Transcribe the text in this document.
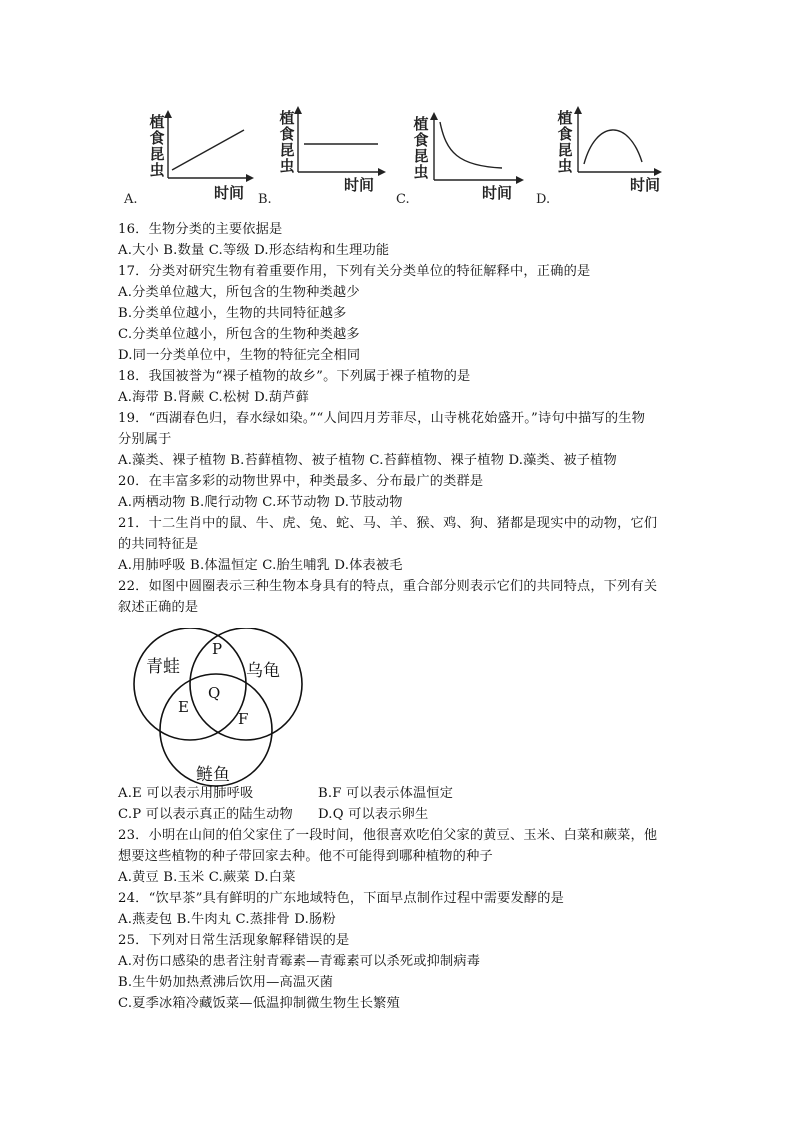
A.
植食昆虫
时间 B.
植食昆虫
时间
C.
植食昆虫
时间 D.
植食昆虫
时间
16．生物分类的主要依据是
A.大小 B.数量 C.等级 D.形态结构和生理功能
17．分类对研究生物有着重要作用，下列有关分类单位的特征解释中，正确的是
A.分类单位越大，所包含的生物种类越少
B.分类单位越小，生物的共同特征越多
C.分类单位越小，所包含的生物种类越多
D.同一分类单位中，生物的特征完全相同
18．我国被誉为“裸子植物的故乡”。下列属于裸子植物的是
A.海带 B.肾蕨 C.松树 D.葫芦藓
19．“西湖春色归，春水绿如染。”“人间四月芳菲尽，山寺桃花始盛开。”诗句中描写的生物
分别属于
A.藻类、裸子植物 B.苔藓植物、被子植物 C.苔藓植物、裸子植物 D.藻类、被子植物
20．在丰富多彩的动物世界中，种类最多、分布最广的类群是
A.两栖动物 B.爬行动物 C.环节动物 D.节肢动物
21．十二生肖中的鼠、牛、虎、兔、蛇、马、羊、猴、鸡、狗、猪都是现实中的动物，它们
的共同特征是
A.用肺呼吸 B.体温恒定 C.胎生哺乳 D.体表被毛
22．如图中圆圈表示三种生物本身具有的特点，重合部分则表示它们的共同特点，下列有关
叙述正确的是
青蛙	乌龟
鲢鱼
P
Q
E
F
A.E 可以表示用肺呼吸	B.F 可以表示体温恒定
C.P 可以表示真正的陆生动物 D.Q 可以表示卵生
23．小明在山间的伯父家住了一段时间，他很喜欢吃伯父家的黄豆、玉米、白菜和蕨菜，他
想要这些植物的种子带回家去种。他不可能得到哪种植物的种子
A.黄豆 B.玉米 C.蕨菜 D.白菜
24．“饮早茶”具有鲜明的广东地域特色，下面早点制作过程中需要发酵的是
A.燕麦包 B.牛肉丸 C.蒸排骨 D.肠粉
25．下列对日常生活现象解释错误的是
A.对伤口感染的患者注射青霉素—青霉素可以杀死或抑制病毒
B.生牛奶加热煮沸后饮用—高温灭菌
C.夏季冰箱冷藏饭菜—低温抑制微生物生长繁殖
